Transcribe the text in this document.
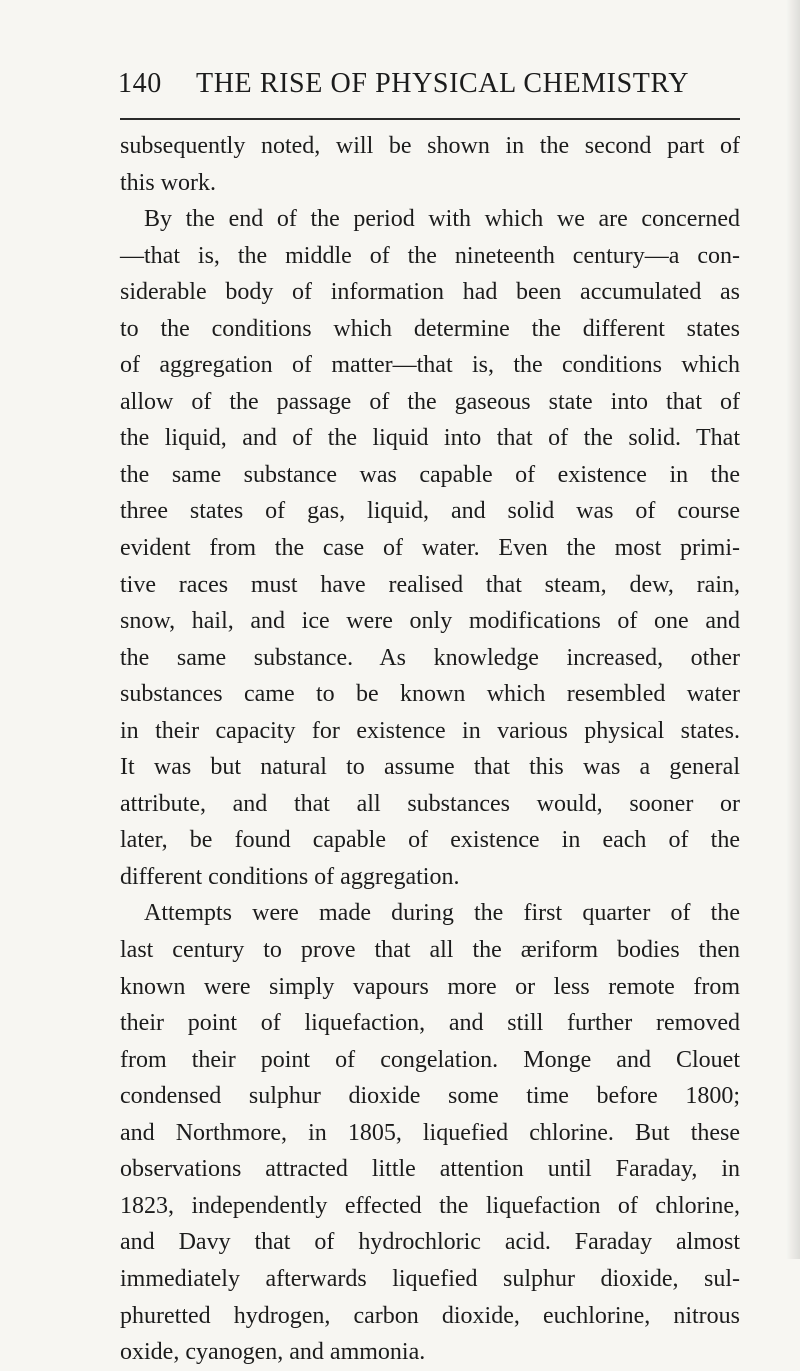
140 THE RISE OF PHYSICAL CHEMISTRY
subsequently noted, will be shown in the second part of
this work.
By the end of the period with which we are concerned
—that is, the middle of the nineteenth century—a con-
siderable body of information had been accumulated as
to the conditions which determine the different states
of aggregation of matter—that is, the conditions which
allow of the passage of the gaseous state into that of
the liquid, and of the liquid into that of the solid. That
the same substance was capable of existence in the
three states of gas, liquid, and solid was of course
evident from the case of water. Even the most primi-
tive races must have realised that steam, dew, rain,
snow, hail, and ice were only modifications of one and
the same substance. As knowledge increased, other
substances came to be known which resembled water
in their capacity for existence in various physical states.
It was but natural to assume that this was a general
attribute, and that all substances would, sooner or
later, be found capable of existence in each of the
different conditions of aggregation.
Attempts were made during the first quarter of the
last century to prove that all the æriform bodies then
known were simply vapours more or less remote from
their point of liquefaction, and still further removed
from their point of congelation. Monge and Clouet
condensed sulphur dioxide some time before 1800;
and Northmore, in 1805, liquefied chlorine. But these
observations attracted little attention until Faraday, in
1823, independently effected the liquefaction of chlorine,
and Davy that of hydrochloric acid. Faraday almost
immediately afterwards liquefied sulphur dioxide, sul-
phuretted hydrogen, carbon dioxide, euchlorine, nitrous
oxide, cyanogen, and ammonia.
